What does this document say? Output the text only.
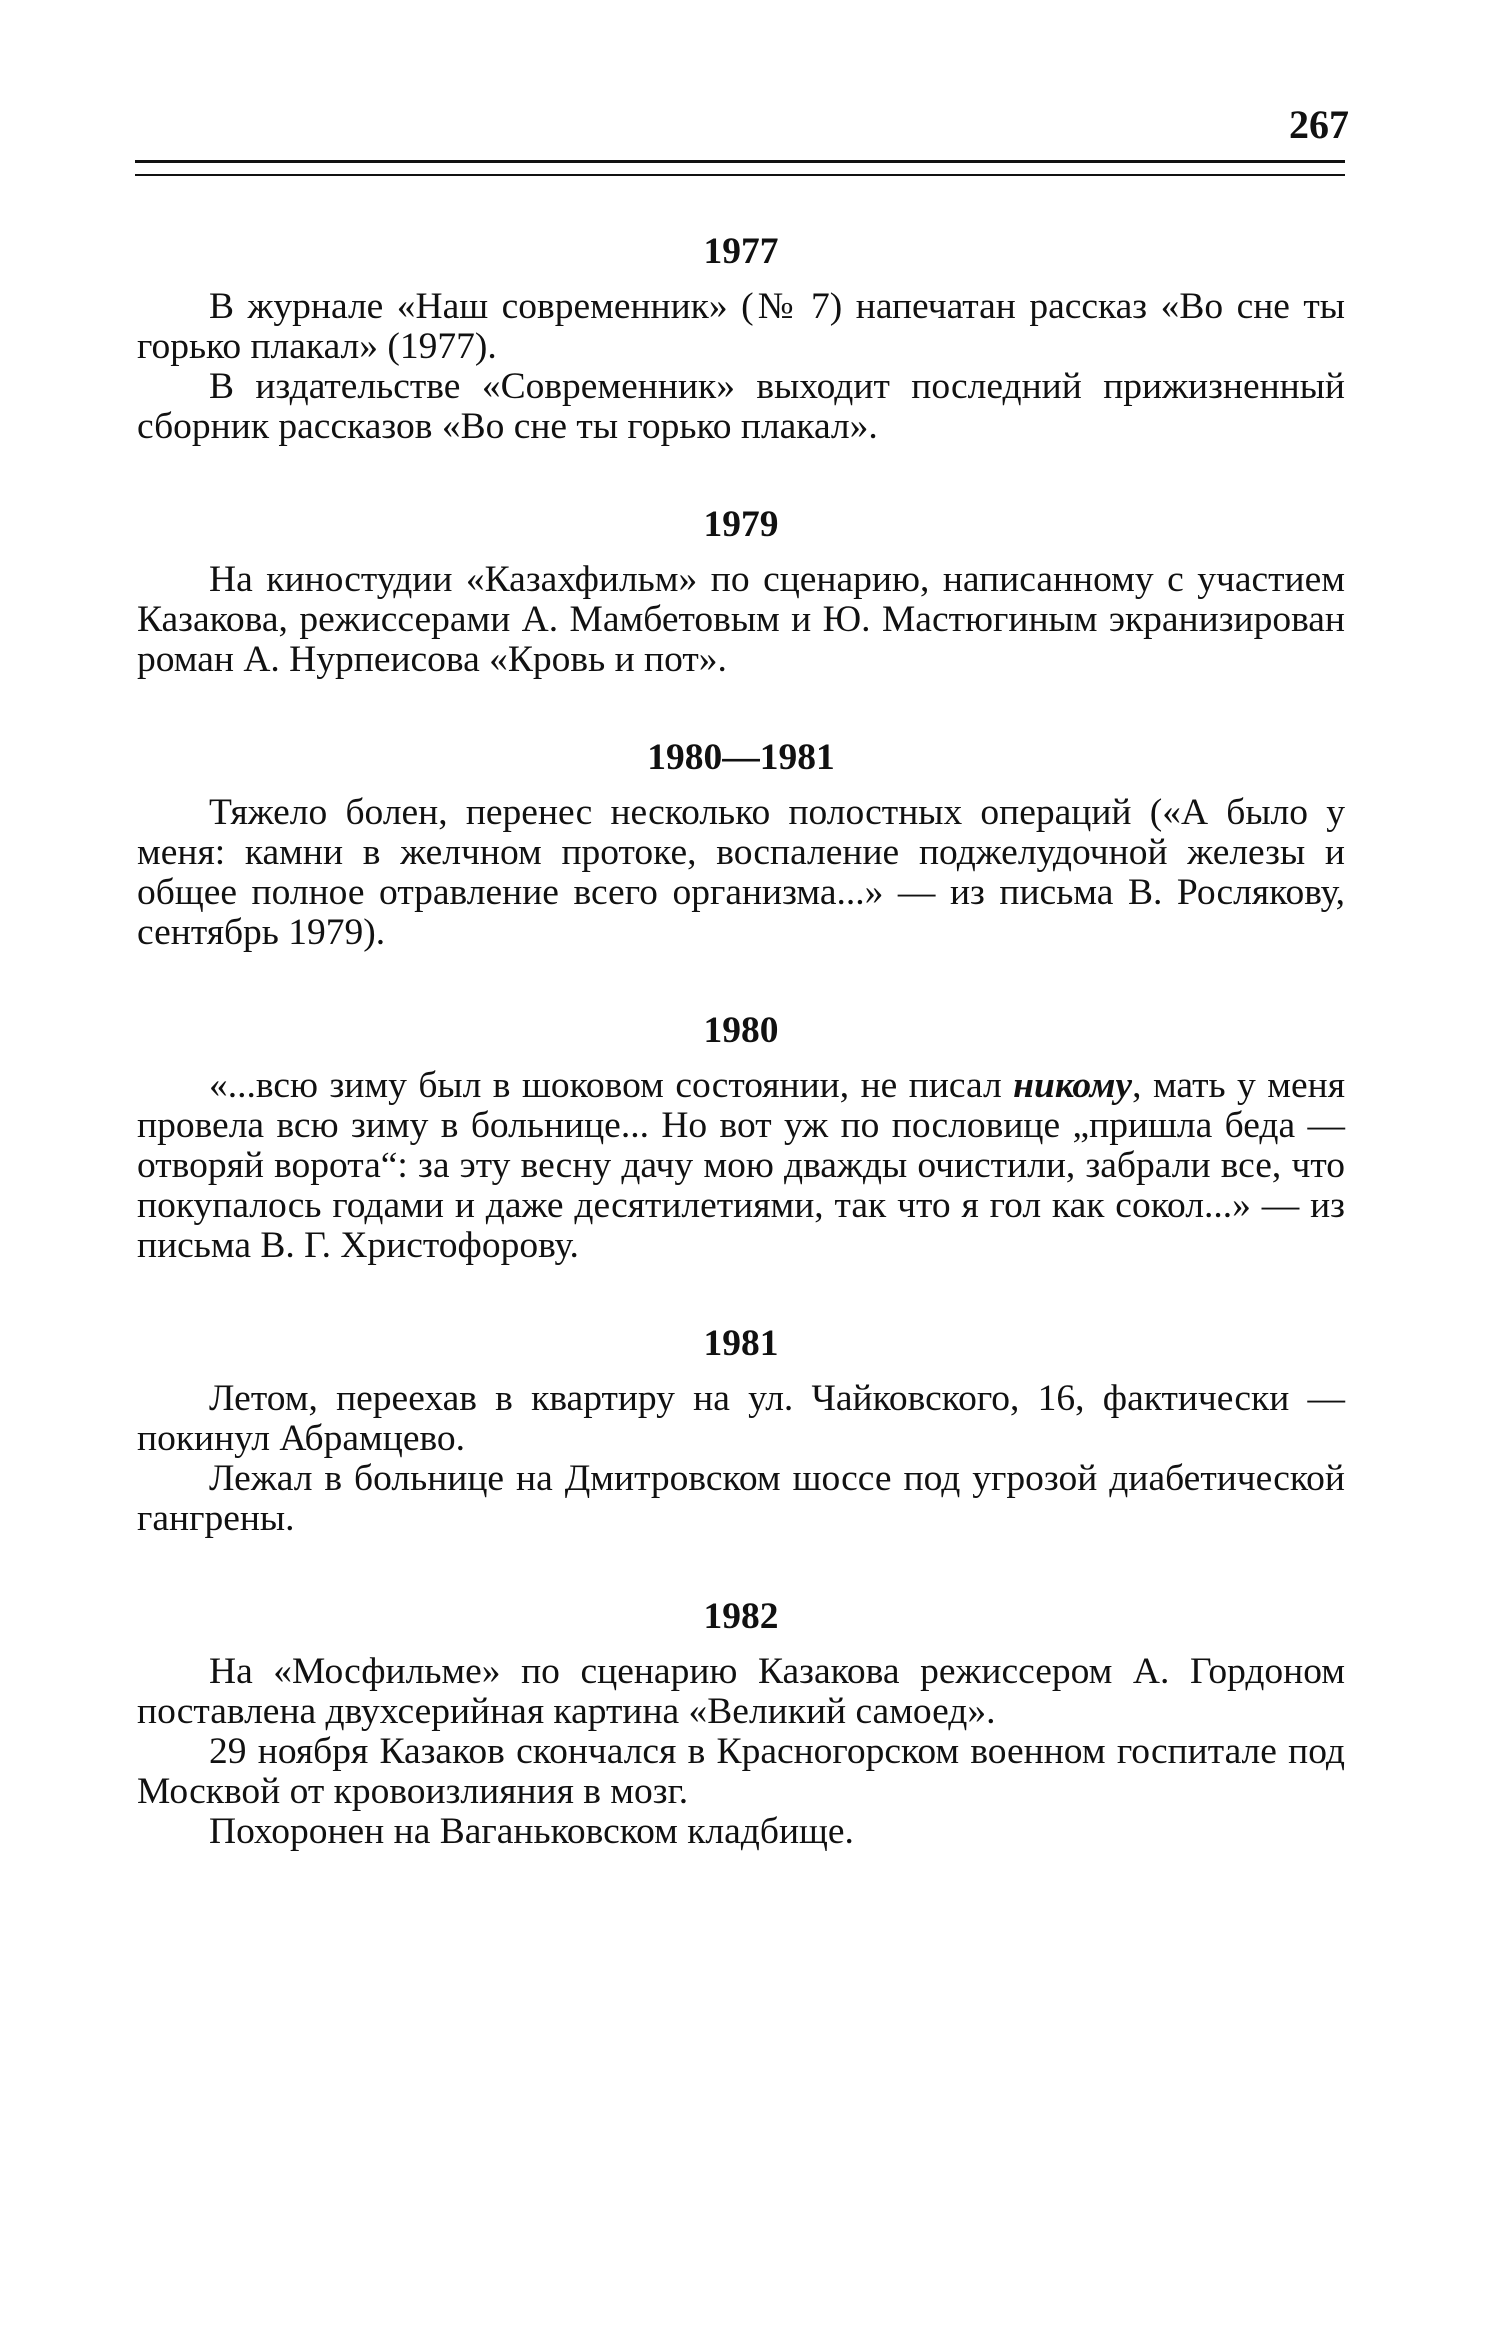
267
1977

В журнале «Наш современник» (№ 7) напечатан рассказ «Во сне ты горько плакал» (1977).

В издательстве «Современник» выходит последний прижизненный сборник рассказов «Во сне ты горько плакал».

1979

На киностудии «Казахфильм» по сценарию, написанному с участием Казакова, режиссерами А. Мамбетовым и Ю. Мастюгиным экранизирован роман А. Нурпеисова «Кровь и пот».

1980—1981

Тяжело болен, перенес несколько полостных операций («А было у меня: камни в желчном протоке, воспаление поджелудочной железы и общее полное отравление всего организма...» — из письма В. Рослякову, сентябрь 1979).

1980

«...всю зиму был в шоковом состоянии, не писал никому, мать у меня провела всю зиму в больнице... Но вот уж по пословице „пришла беда — отворяй ворота“: за эту весну дачу мою дважды очистили, забрали все, что покупалось годами и даже десятилетиями, так что я гол как сокол...» — из письма В. Г. Христофорову.

1981

Летом, переехав в квартиру на ул. Чайковского, 16, фактически — покинул Абрамцево.

Лежал в больнице на Дмитровском шоссе под угрозой диабетической гангрены.

1982

На «Мосфильме» по сценарию Казакова режиссером А. Гордоном поставлена двухсерийная картина «Великий самоед».

29 ноября Казаков скончался в Красногорском военном госпитале под Москвой от кровоизлияния в мозг.

Похоронен на Ваганьковском кладбище.
